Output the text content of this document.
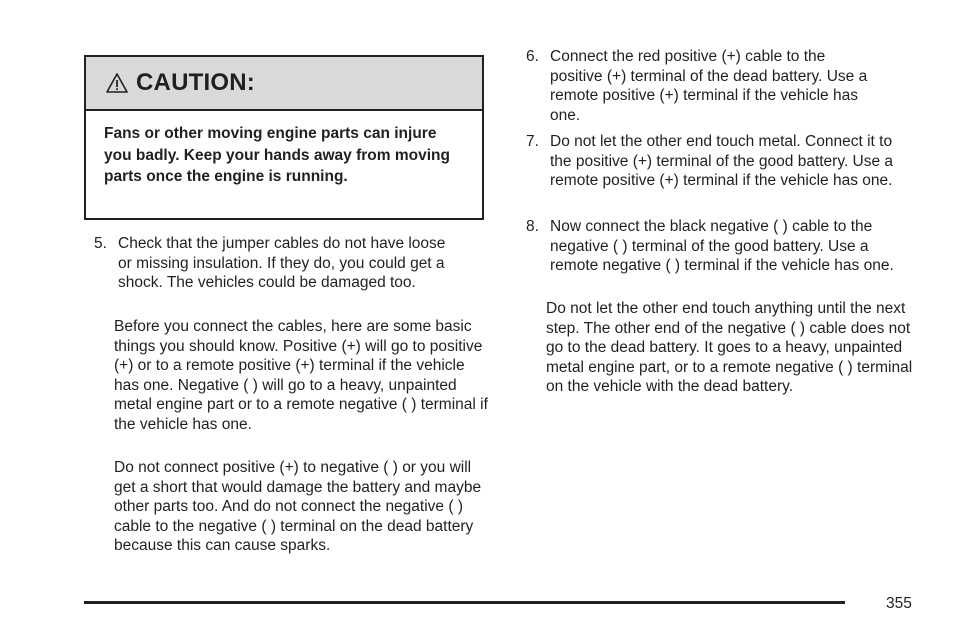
CAUTION:
Fans or other moving engine parts can injure you badly. Keep your hands away from moving parts once the engine is running.
5. Check that the jumper cables do not have loose or missing insulation. If they do, you could get a shock. The vehicles could be damaged too.
Before you connect the cables, here are some basic things you should know. Positive (+) will go to positive (+) or to a remote positive (+) terminal if the vehicle has one. Negative ( ) will go to a heavy, unpainted metal engine part or to a remote negative ( ) terminal if the vehicle has one.
Do not connect positive (+) to negative ( ) or you will get a short that would damage the battery and maybe other parts too. And do not connect the negative ( ) cable to the negative ( ) terminal on the dead battery because this can cause sparks.
6. Connect the red positive (+) cable to the positive (+) terminal of the dead battery. Use a remote positive (+) terminal if the vehicle has one.
7. Do not let the other end touch metal. Connect it to the positive (+) terminal of the good battery. Use a remote positive (+) terminal if the vehicle has one.
8. Now connect the black negative ( ) cable to the negative ( ) terminal of the good battery. Use a remote negative ( ) terminal if the vehicle has one.
Do not let the other end touch anything until the next step. The other end of the negative ( ) cable does not go to the dead battery. It goes to a heavy, unpainted metal engine part, or to a remote negative ( ) terminal on the vehicle with the dead battery.
355
